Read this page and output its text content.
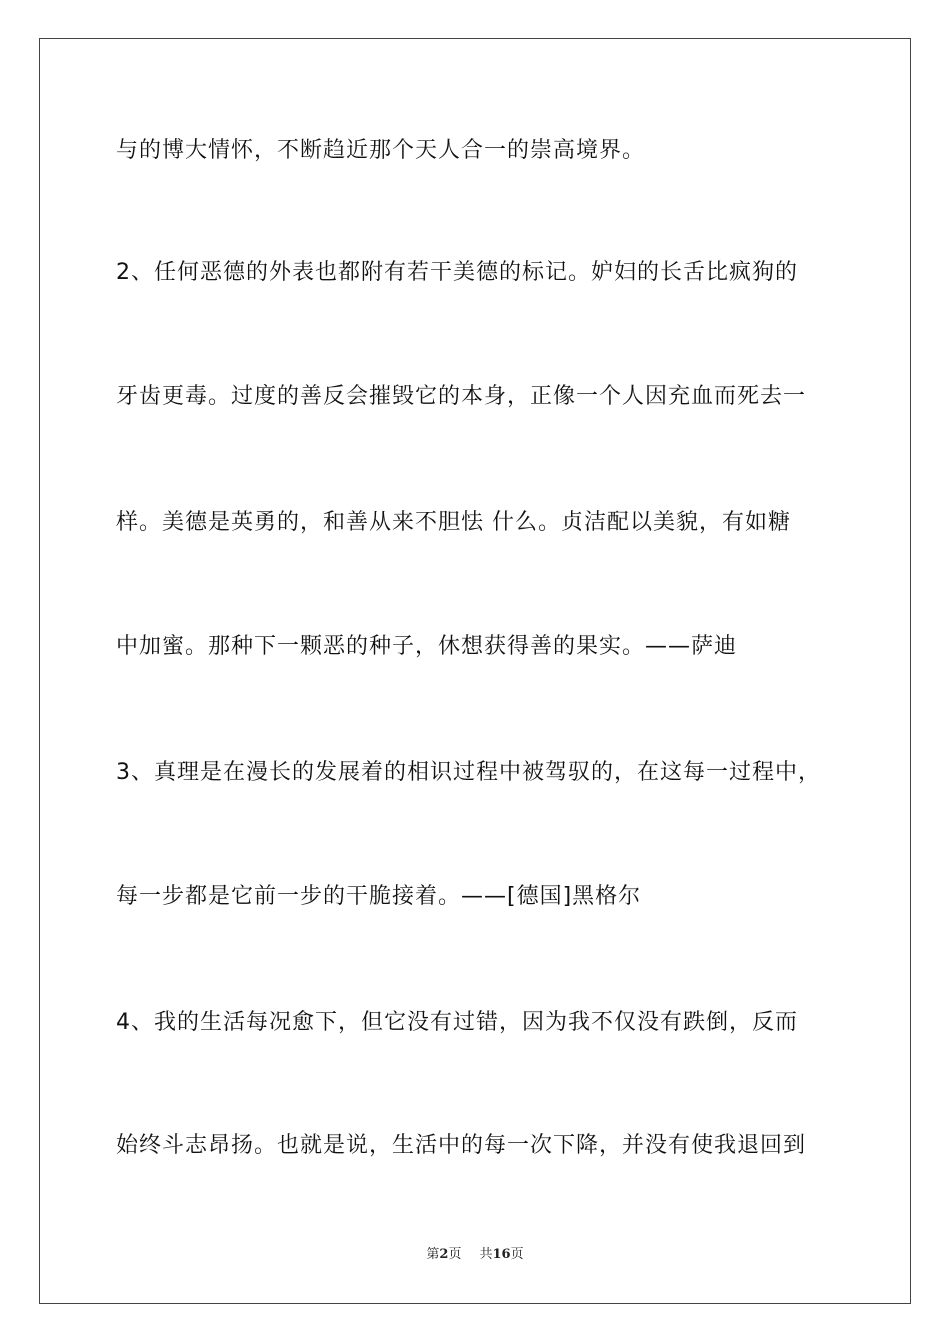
与的博大情怀，不断趋近那个天人合一的崇高境界。
2、任何恶德的外表也都附有若干美德的标记。妒妇的长舌比疯狗的
牙齿更毒。过度的善反会摧毁它的本身，正像一个人因充血而死去一
样。美德是英勇的，和善从来不胆怯 什么。贞洁配以美貌，有如糖
中加蜜。那种下一颗恶的种子，休想获得善的果实。——萨迪
3、真理是在漫长的发展着的相识过程中被驾驭的，在这每一过程中，
每一步都是它前一步的干脆接着。——[德国]黑格尔
4、我的生活每况愈下，但它没有过错，因为我不仅没有跌倒，反而
始终斗志昂扬。也就是说，生活中的每一次下降，并没有使我退回到
第2页 共16页
